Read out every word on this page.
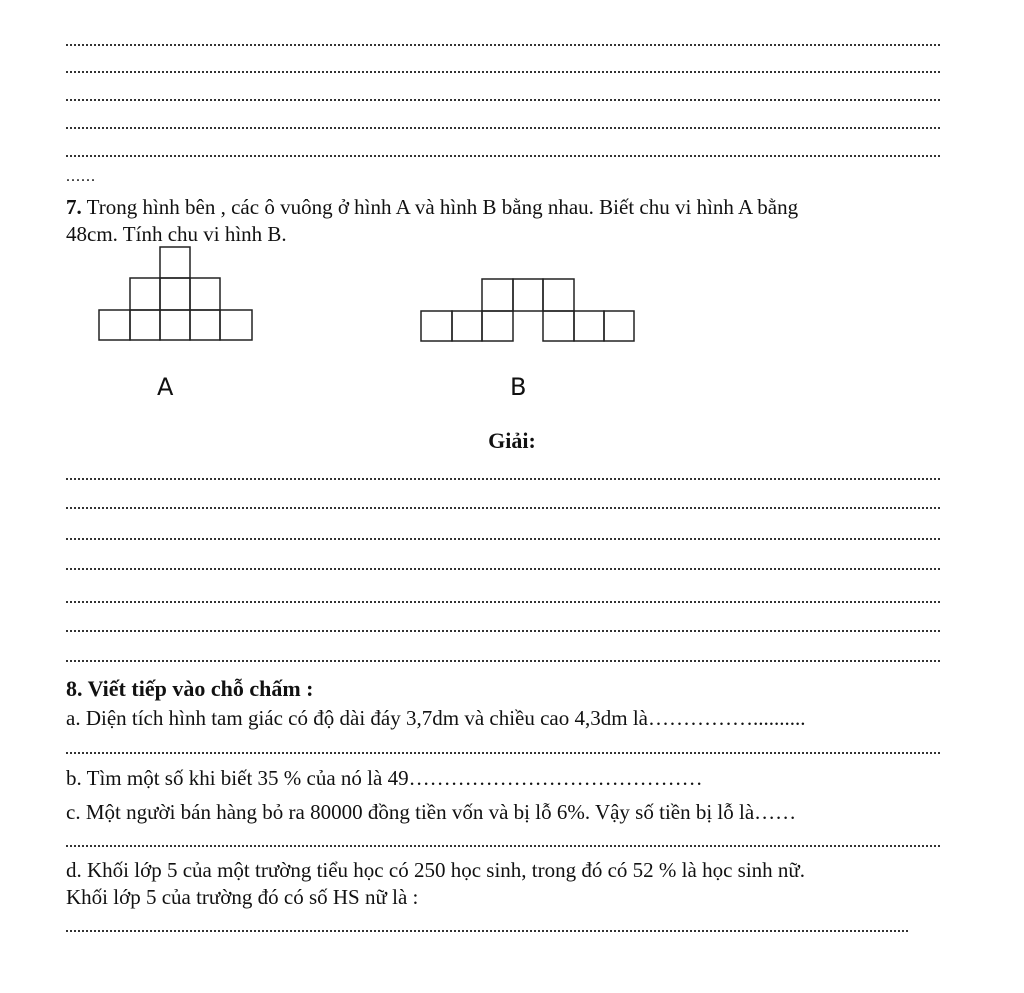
......
7. Trong hình bên , các ô vuông ở hình A và hình B bằng nhau. Biết chu vi hình A bằng
48cm. Tính chu vi hình B.
A	B
Giải:
8. Viết tiếp vào chỗ chấm :
a. Diện tích hình tam giác có độ dài đáy 3,7dm và chiều cao 4,3dm là……………..........
b. Tìm một số khi biết 35 % của nó là 49……………………………………
c. Một người bán hàng bỏ ra 80000 đồng tiền vốn và bị lỗ 6%. Vậy số tiền bị lỗ là……
d. Khối lớp 5 của một trường tiểu học có 250 học sinh, trong đó có 52 % là học sinh nữ.
Khối lớp 5 của trường đó có số HS nữ là :
